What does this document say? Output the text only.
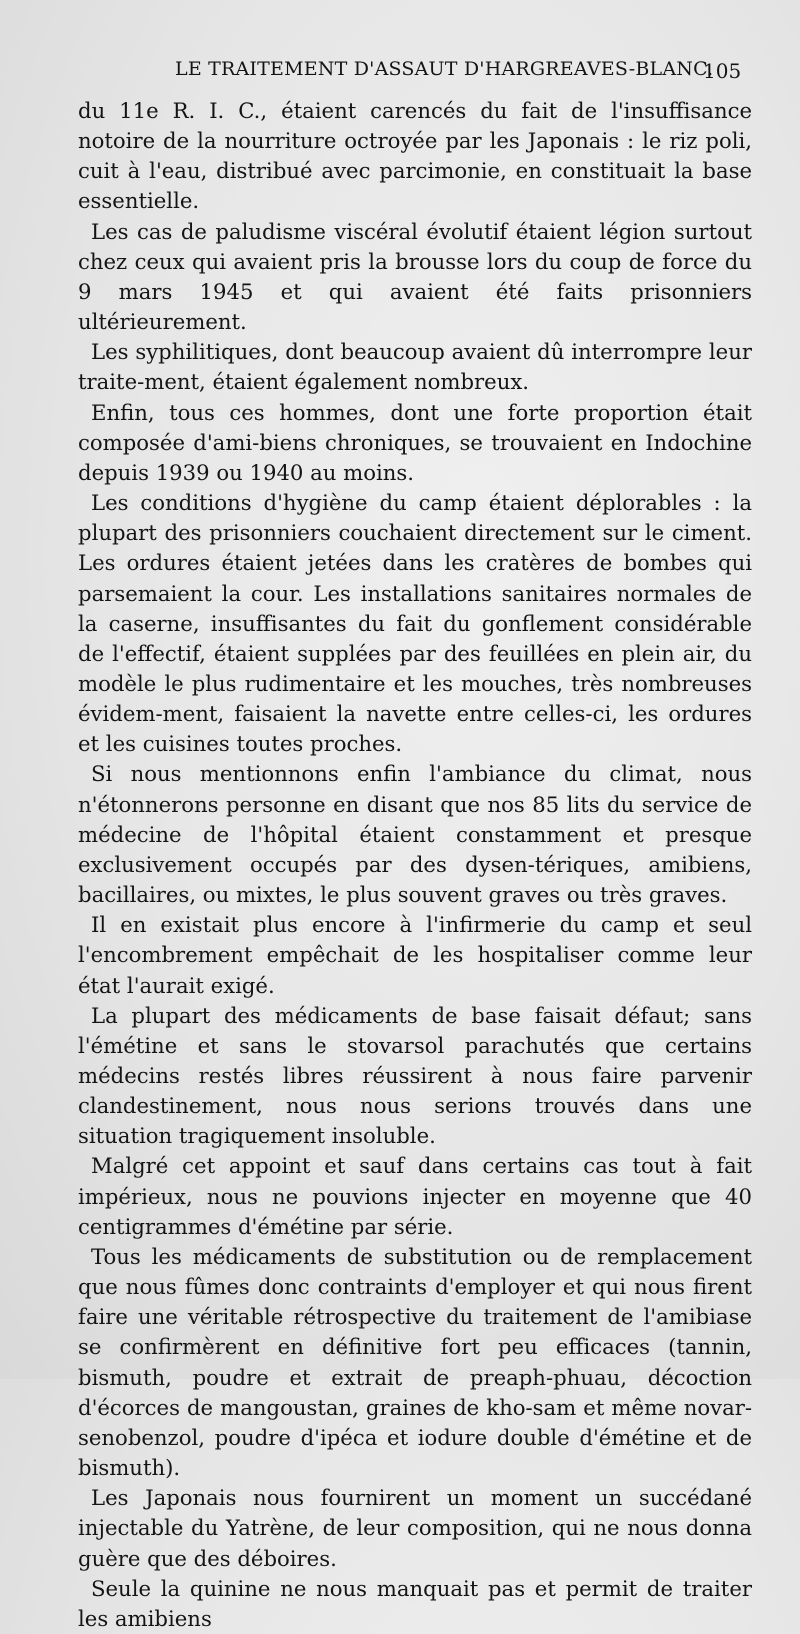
LE TRAITEMENT D'ASSAUT D'HARGREAVES-BLANC.
105

du 11e R. I. C., étaient carencés du fait de l'insuffisance notoire de la nourriture octroyée par les Japonais : le riz poli, cuit à l'eau, distribué avec parcimonie, en constituait la base essentielle.

Les cas de paludisme viscéral évolutif étaient légion surtout chez ceux qui avaient pris la brousse lors du coup de force du 9 mars 1945 et qui avaient été faits prisonniers ultérieurement.

Les syphilitiques, dont beaucoup avaient dû interrompre leur traite-ment, étaient également nombreux.

Enfin, tous ces hommes, dont une forte proportion était composée d'ami-biens chroniques, se trouvaient en Indochine depuis 1939 ou 1940 au moins.

Les conditions d'hygiène du camp étaient déplorables : la plupart des prisonniers couchaient directement sur le ciment. Les ordures étaient jetées dans les cratères de bombes qui parsemaient la cour. Les installations sanitaires normales de la caserne, insuffisantes du fait du gonflement considérable de l'effectif, étaient supplées par des feuillées en plein air, du modèle le plus rudimentaire et les mouches, très nombreuses évidem-ment, faisaient la navette entre celles-ci, les ordures et les cuisines toutes proches.

Si nous mentionnons enfin l'ambiance du climat, nous n'étonnerons personne en disant que nos 85 lits du service de médecine de l'hôpital étaient constamment et presque exclusivement occupés par des dysen-tériques, amibiens, bacillaires, ou mixtes, le plus souvent graves ou très graves.

Il en existait plus encore à l'infirmerie du camp et seul l'encombrement empêchait de les hospitaliser comme leur état l'aurait exigé.

La plupart des médicaments de base faisait défaut; sans l'émétine et sans le stovarsol parachutés que certains médecins restés libres réussirent à nous faire parvenir clandestinement, nous nous serions trouvés dans une situation tragiquement insoluble.

Malgré cet appoint et sauf dans certains cas tout à fait impérieux, nous ne pouvions injecter en moyenne que 40 centigrammes d'émétine par série.

Tous les médicaments de substitution ou de remplacement que nous fûmes donc contraints d'employer et qui nous firent faire une véritable rétrospective du traitement de l'amibiase se confirmèrent en définitive fort peu efficaces (tannin, bismuth, poudre et extrait de preaph-phuau, décoction d'écorces de mangoustan, graines de kho-sam et même novar-senobenzol, poudre d'ipéca et iodure double d'émétine et de bismuth).

Les Japonais nous fournirent un moment un succédané injectable du Yatrène, de leur composition, qui ne nous donna guère que des déboires.

Seule la quinine ne nous manquait pas et permit de traiter les amibiens
